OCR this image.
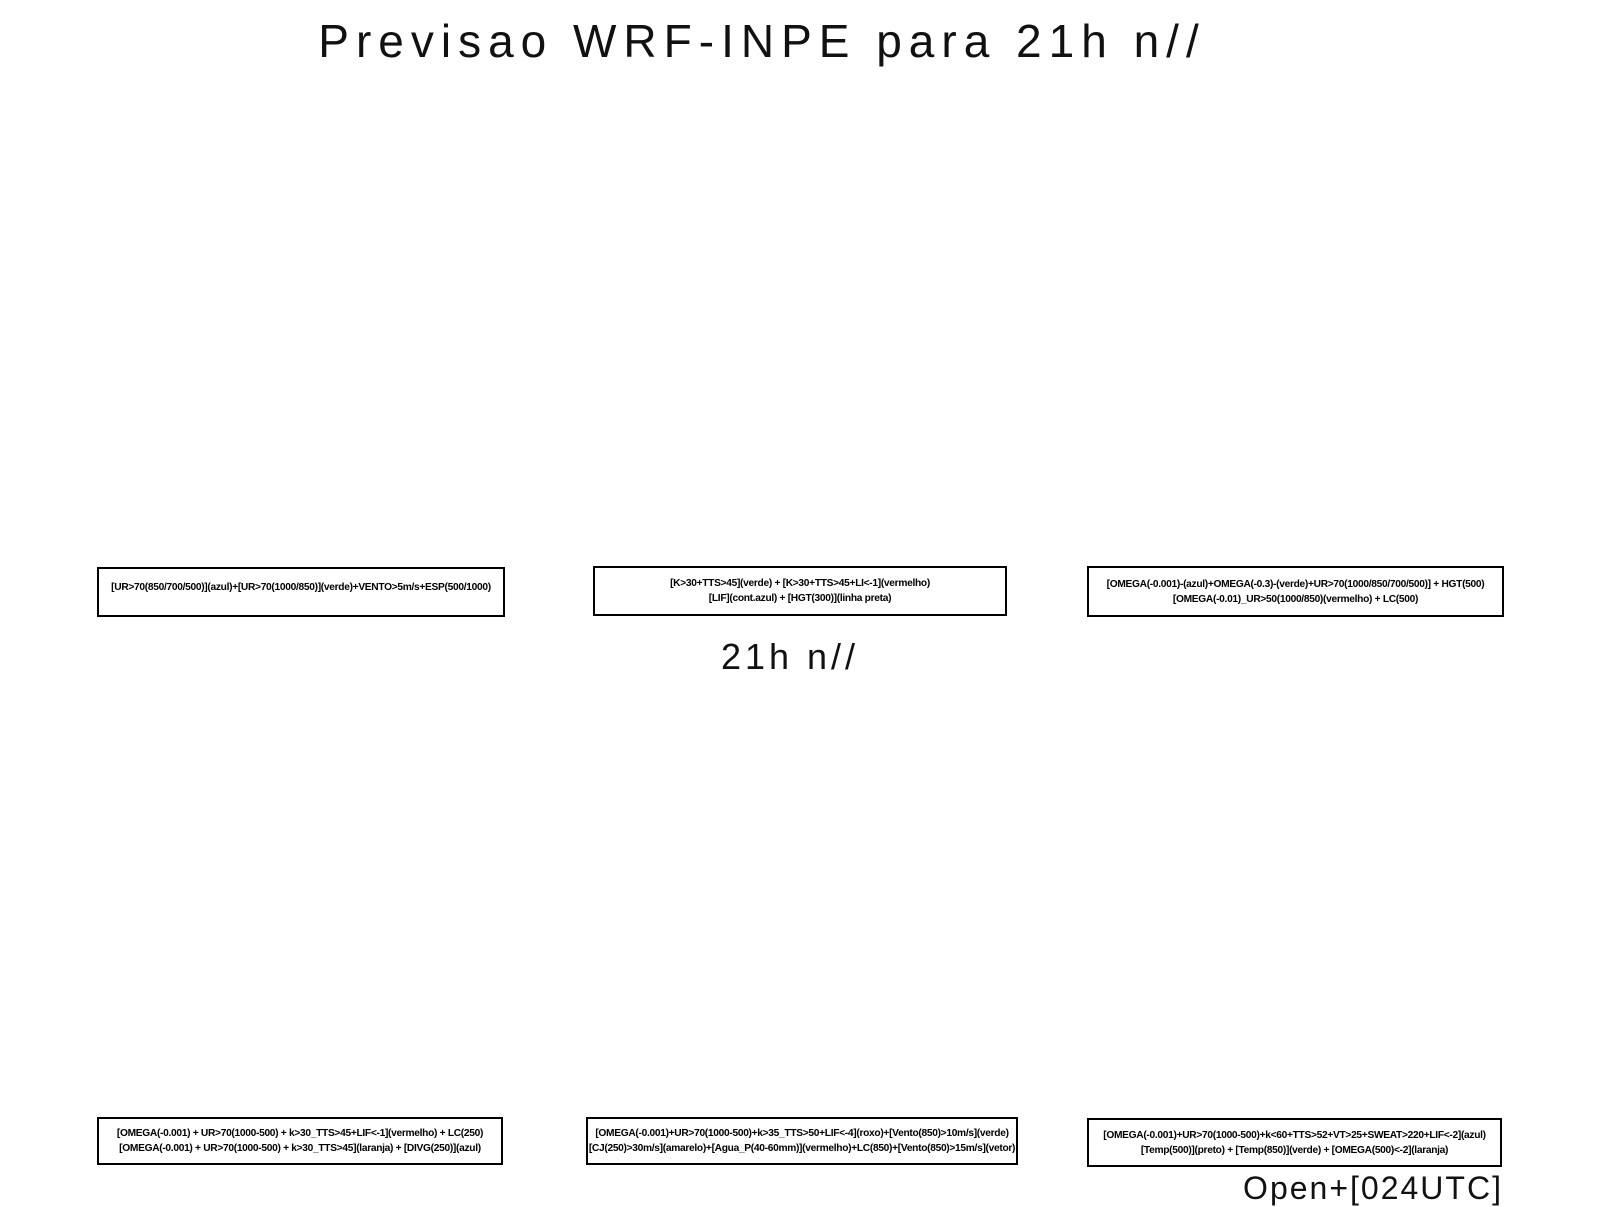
Previsao WRF-INPE para 21h n//
[UR>70(850/700/500)](azul)+[UR>70(1000/850)](verde)+VENTO>5m/s+ESP(500/1000)	[K>30+TTS>45](verde) + [K>30+TTS>45+LI<-1](vermelho)
[LIF](cont.azul) + [HGT(300)](linha preta)
[OMEGA(-0.001)-(azul)+OMEGA(-0.3)-(verde)+UR>70(1000/850/700/500)] + HGT(500)
[OMEGA(-0.01)_UR>50(1000/850)(vermelho) + LC(500)
21h n//
[OMEGA(-0.001) + UR>70(1000-500) + k>30_TTS>45+LIF<-1](vermelho) + LC(250)
[OMEGA(-0.001) + UR>70(1000-500) + k>30_TTS>45](laranja) + [DIVG(250)](azul)
[OMEGA(-0.001)+UR>70(1000-500)+k>35_TTS>50+LIF<-4](roxo)+[Vento(850)>10m/s](verde)
[CJ(250)>30m/s](amarelo)+[Agua_P(40-60mm)](vermelho)+LC(850)+[Vento(850)>15m/s](vetor)
[OMEGA(-0.001)+UR>70(1000-500)+k<60+TTS>52+VT>25+SWEAT>220+LIF<-2](azul)
[Temp(500)](preto) + [Temp(850)](verde) + [OMEGA(500)<-2](laranja)
Open+[024UTC]
